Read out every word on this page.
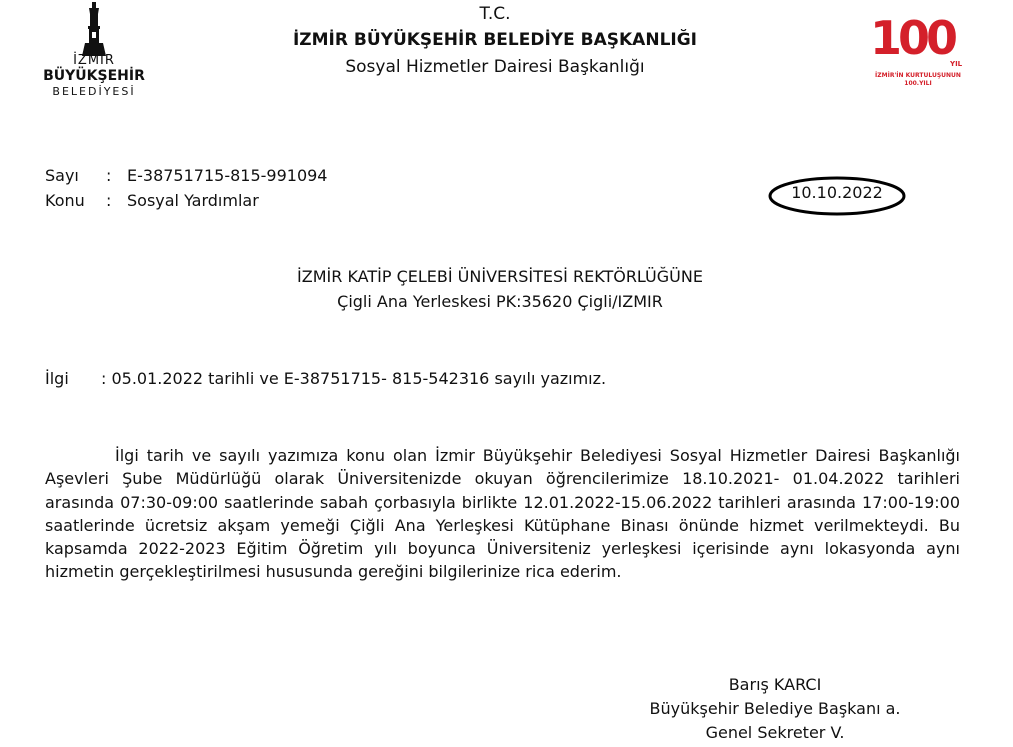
İZMİR
BÜYÜKŞEHİR
BELEDİYESİ
T.C.
İZMİR BÜYÜKŞEHİR BELEDİYE BAŞKANLIĞI
Sosyal Hizmetler Dairesi Başkanlığı
100
YIL
İZMİR'İN KURTULUŞUNUN
100.YILI
Sayı : E-38751715-815-991094
Konu : Sosyal Yardımlar	10.10.2022
İZMİR KATİP ÇELEBİ ÜNİVERSİTESİ REKTÖRLÜĞÜNE
Çigli Ana Yerleskesi PK:35620 Çigli/IZMIR
İlgi : 05.01.2022 tarihli ve E-38751715- 815-542316 sayılı yazımız.
İlgi tarih ve sayılı yazımıza konu olan İzmir Büyükşehir Belediyesi Sosyal Hizmetler Dairesi Başkanlığı Aşevleri Şube Müdürlüğü olarak Üniversitenizde okuyan öğrencilerimize 18.10.2021- 01.04.2022 tarihleri arasında 07:30-09:00 saatlerinde sabah çorbasıyla birlikte 12.01.2022-15.06.2022 tarihleri arasında 17:00-19:00 saatlerinde ücretsiz akşam yemeği Çiğli Ana Yerleşkesi Kütüphane Binası önünde hizmet verilmekteydi. Bu kapsamda 2022-2023 Eğitim Öğretim yılı boyunca Üniversiteniz yerleşkesi içerisinde aynı lokasyonda aynı hizmetin gerçekleştirilmesi hususunda gereğini bilgilerinize rica ederim.
Barış KARCI
Büyükşehir Belediye Başkanı a.
Genel Sekreter V.
